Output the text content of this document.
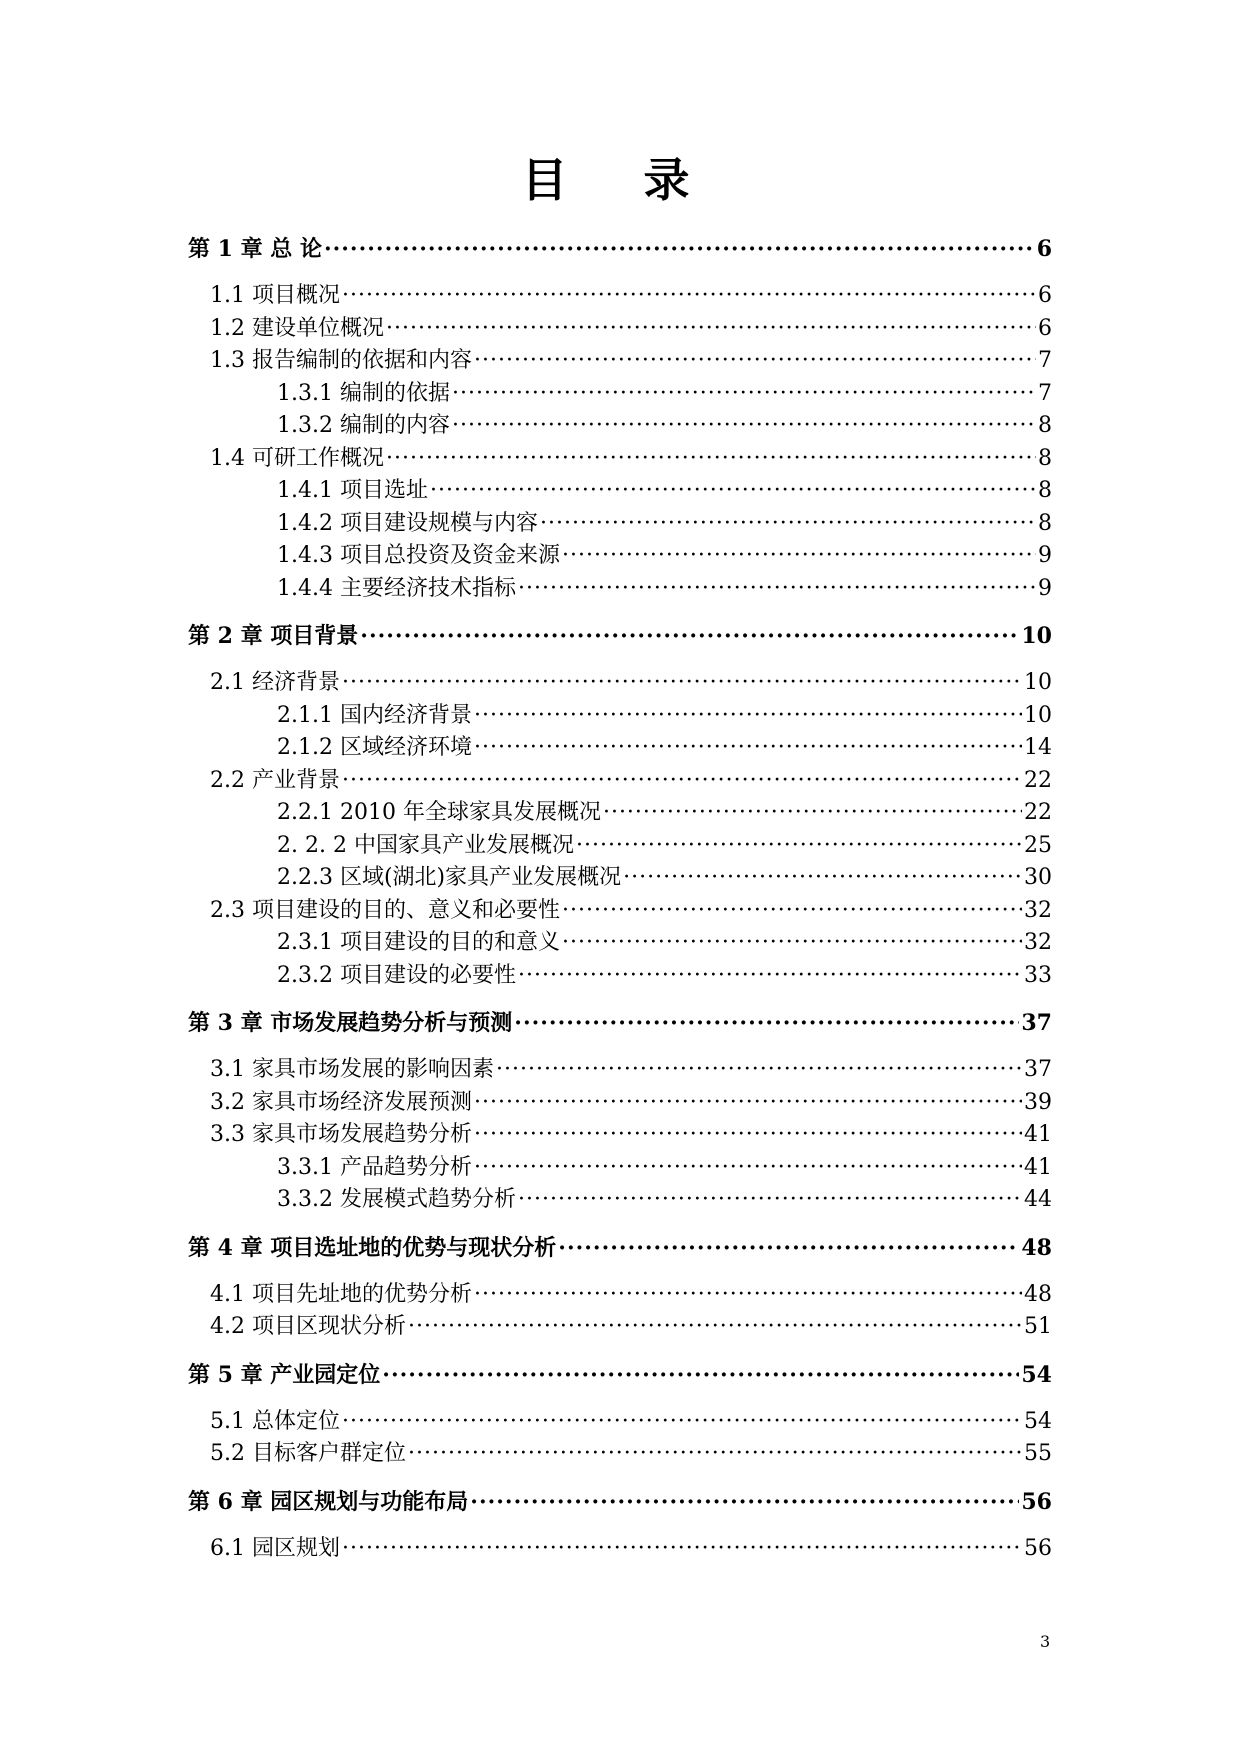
目 录
第 1 章 总 论 ·····	6
1.1 项目概况 ·····	6
1.2 建设单位概况 ·····	6
1.3 报告编制的依据和内容 ·····	7
1.3.1 编制的依据 ·····	7
1.3.2 编制的内容 ·····	8
1.4 可研工作概况 ·····	8
1.4.1 项目选址 ·····	8
1.4.2 项目建设规模与内容 ·····	8
1.4.3 项目总投资及资金来源 ·····	9
1.4.4 主要经济技术指标 ·····	9
第 2 章 项目背景 ·····	10
2.1 经济背景 ·····	10
2.1.1 国内经济背景 ·····	10
2.1.2 区域经济环境 ·····	14
2.2 产业背景 ·····	22
2.2.1 2010 年全球家具发展概况 ·····	22
2. 2. 2 中国家具产业发展概况 ·····	25
2.2.3 区域(湖北)家具产业发展概况 ·····	30
2.3 项目建设的目的、意义和必要性 ·····	32
2.3.1 项目建设的目的和意义 ·····	32
2.3.2 项目建设的必要性 ·····	33
第 3 章 市场发展趋势分析与预测 ·····	37
3.1 家具市场发展的影响因素 ·····	37
3.2 家具市场经济发展预测 ·····	39
3.3 家具市场发展趋势分析 ·····	41
3.3.1 产品趋势分析 ·····	41
3.3.2 发展模式趋势分析 ·····	44
第 4 章 项目选址地的优势与现状分析 ·····	48
4.1 项目先址地的优势分析 ·····	48
4.2 项目区现状分析 ·····	51
第 5 章 产业园定位 ·····	54
5.1 总体定位 ·····	54
5.2 目标客户群定位 ·····	55
第 6 章 园区规划与功能布局 ·····	56
6.1 园区规划 ·····	56
3
